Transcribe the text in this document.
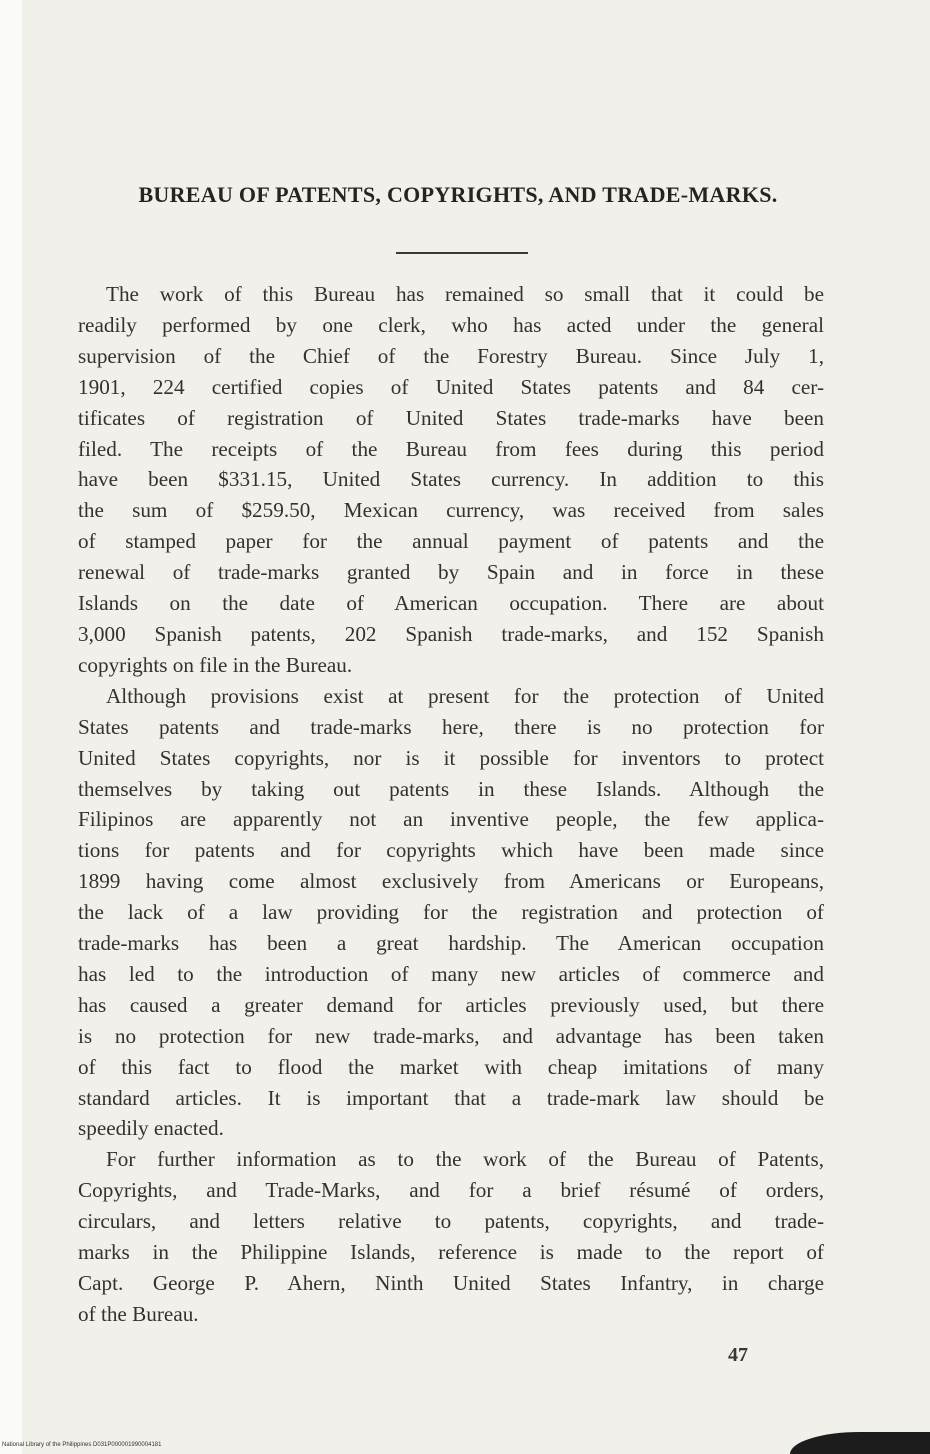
BUREAU OF PATENTS, COPYRIGHTS, AND TRADE-MARKS.

The work of this Bureau has remained so small that it could be
readily performed by one clerk, who has acted under the general
supervision of the Chief of the Forestry Bureau. Since July 1,
1901, 224 certified copies of United States patents and 84 cer-
tificates of registration of United States trade-marks have been
filed. The receipts of the Bureau from fees during this period
have been $331.15, United States currency. In addition to this
the sum of $259.50, Mexican currency, was received from sales
of stamped paper for the annual payment of patents and the
renewal of trade-marks granted by Spain and in force in these
Islands on the date of American occupation. There are about
3,000 Spanish patents, 202 Spanish trade-marks, and 152 Spanish
copyrights on file in the Bureau.

Although provisions exist at present for the protection of United
States patents and trade-marks here, there is no protection for
United States copyrights, nor is it possible for inventors to protect
themselves by taking out patents in these Islands. Although the
Filipinos are apparently not an inventive people, the few applica-
tions for patents and for copyrights which have been made since
1899 having come almost exclusively from Americans or Europeans,
the lack of a law providing for the registration and protection of
trade-marks has been a great hardship. The American occupation
has led to the introduction of many new articles of commerce and
has caused a greater demand for articles previously used, but there
is no protection for new trade-marks, and advantage has been taken
of this fact to flood the market with cheap imitations of many
standard articles. It is important that a trade-mark law should be
speedily enacted.

For further information as to the work of the Bureau of Patents,
Copyrights, and Trade-Marks, and for a brief résumé of orders,
circulars, and letters relative to patents, copyrights, and trade-
marks in the Philippine Islands, reference is made to the report of
Capt. George P. Ahern, Ninth United States Infantry, in charge
of the Bureau.

47
National Library of the Philippines D031P000001990004181
